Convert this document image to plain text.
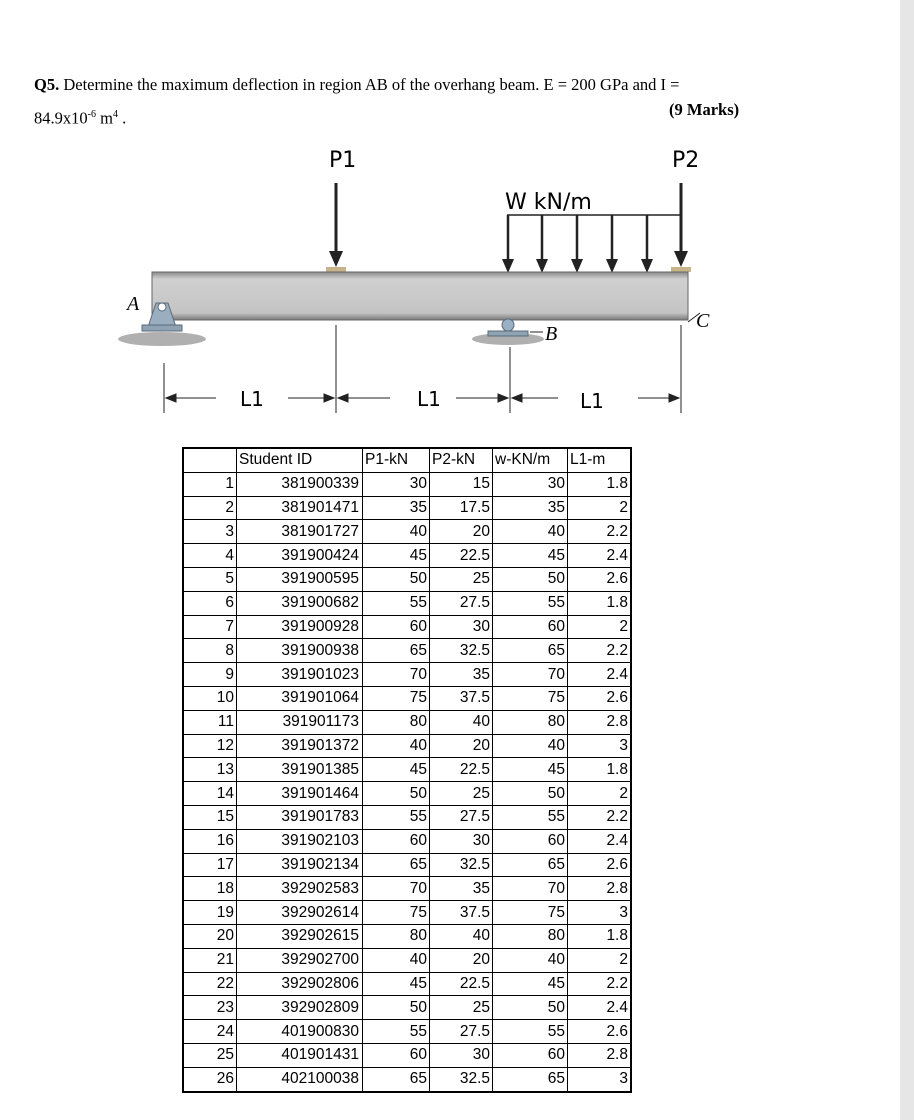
Q5. Determine the maximum deflection in region AB of the overhang beam. E = 200 GPa and I =
$84.9x10^{-6}$ $m^4$ .	(9 Marks)
P1	P2
W kN/m
A
B
C
L1	L1	L1
	Student ID	P1-kN	P2-kN	w-KN/m	L1-m
1	381900339	30	15	30	1.8
2	381901471	35	17.5	35	2
3	381901727	40	20	40	2.2
4	391900424	45	22.5	45	2.4
5	391900595	50	25	50	2.6
6	391900682	55	27.5	55	1.8
7	391900928	60	30	60	2
8	391900938	65	32.5	65	2.2
9	391901023	70	35	70	2.4
10	391901064	75	37.5	75	2.6
11	391901173	80	40	80	2.8
12	391901372	40	20	40	3
13	391901385	45	22.5	45	1.8
14	391901464	50	25	50	2
15	391901783	55	27.5	55	2.2
16	391902103	60	30	60	2.4
17	391902134	65	32.5	65	2.6
18	392902583	70	35	70	2.8
19	392902614	75	37.5	75	3
20	392902615	80	40	80	1.8
21	392902700	40	20	40	2
22	392902806	45	22.5	45	2.2
23	392902809	50	25	50	2.4
24	401900830	55	27.5	55	2.6
25	401901431	60	30	60	2.8
26	402100038	65	32.5	65	3
